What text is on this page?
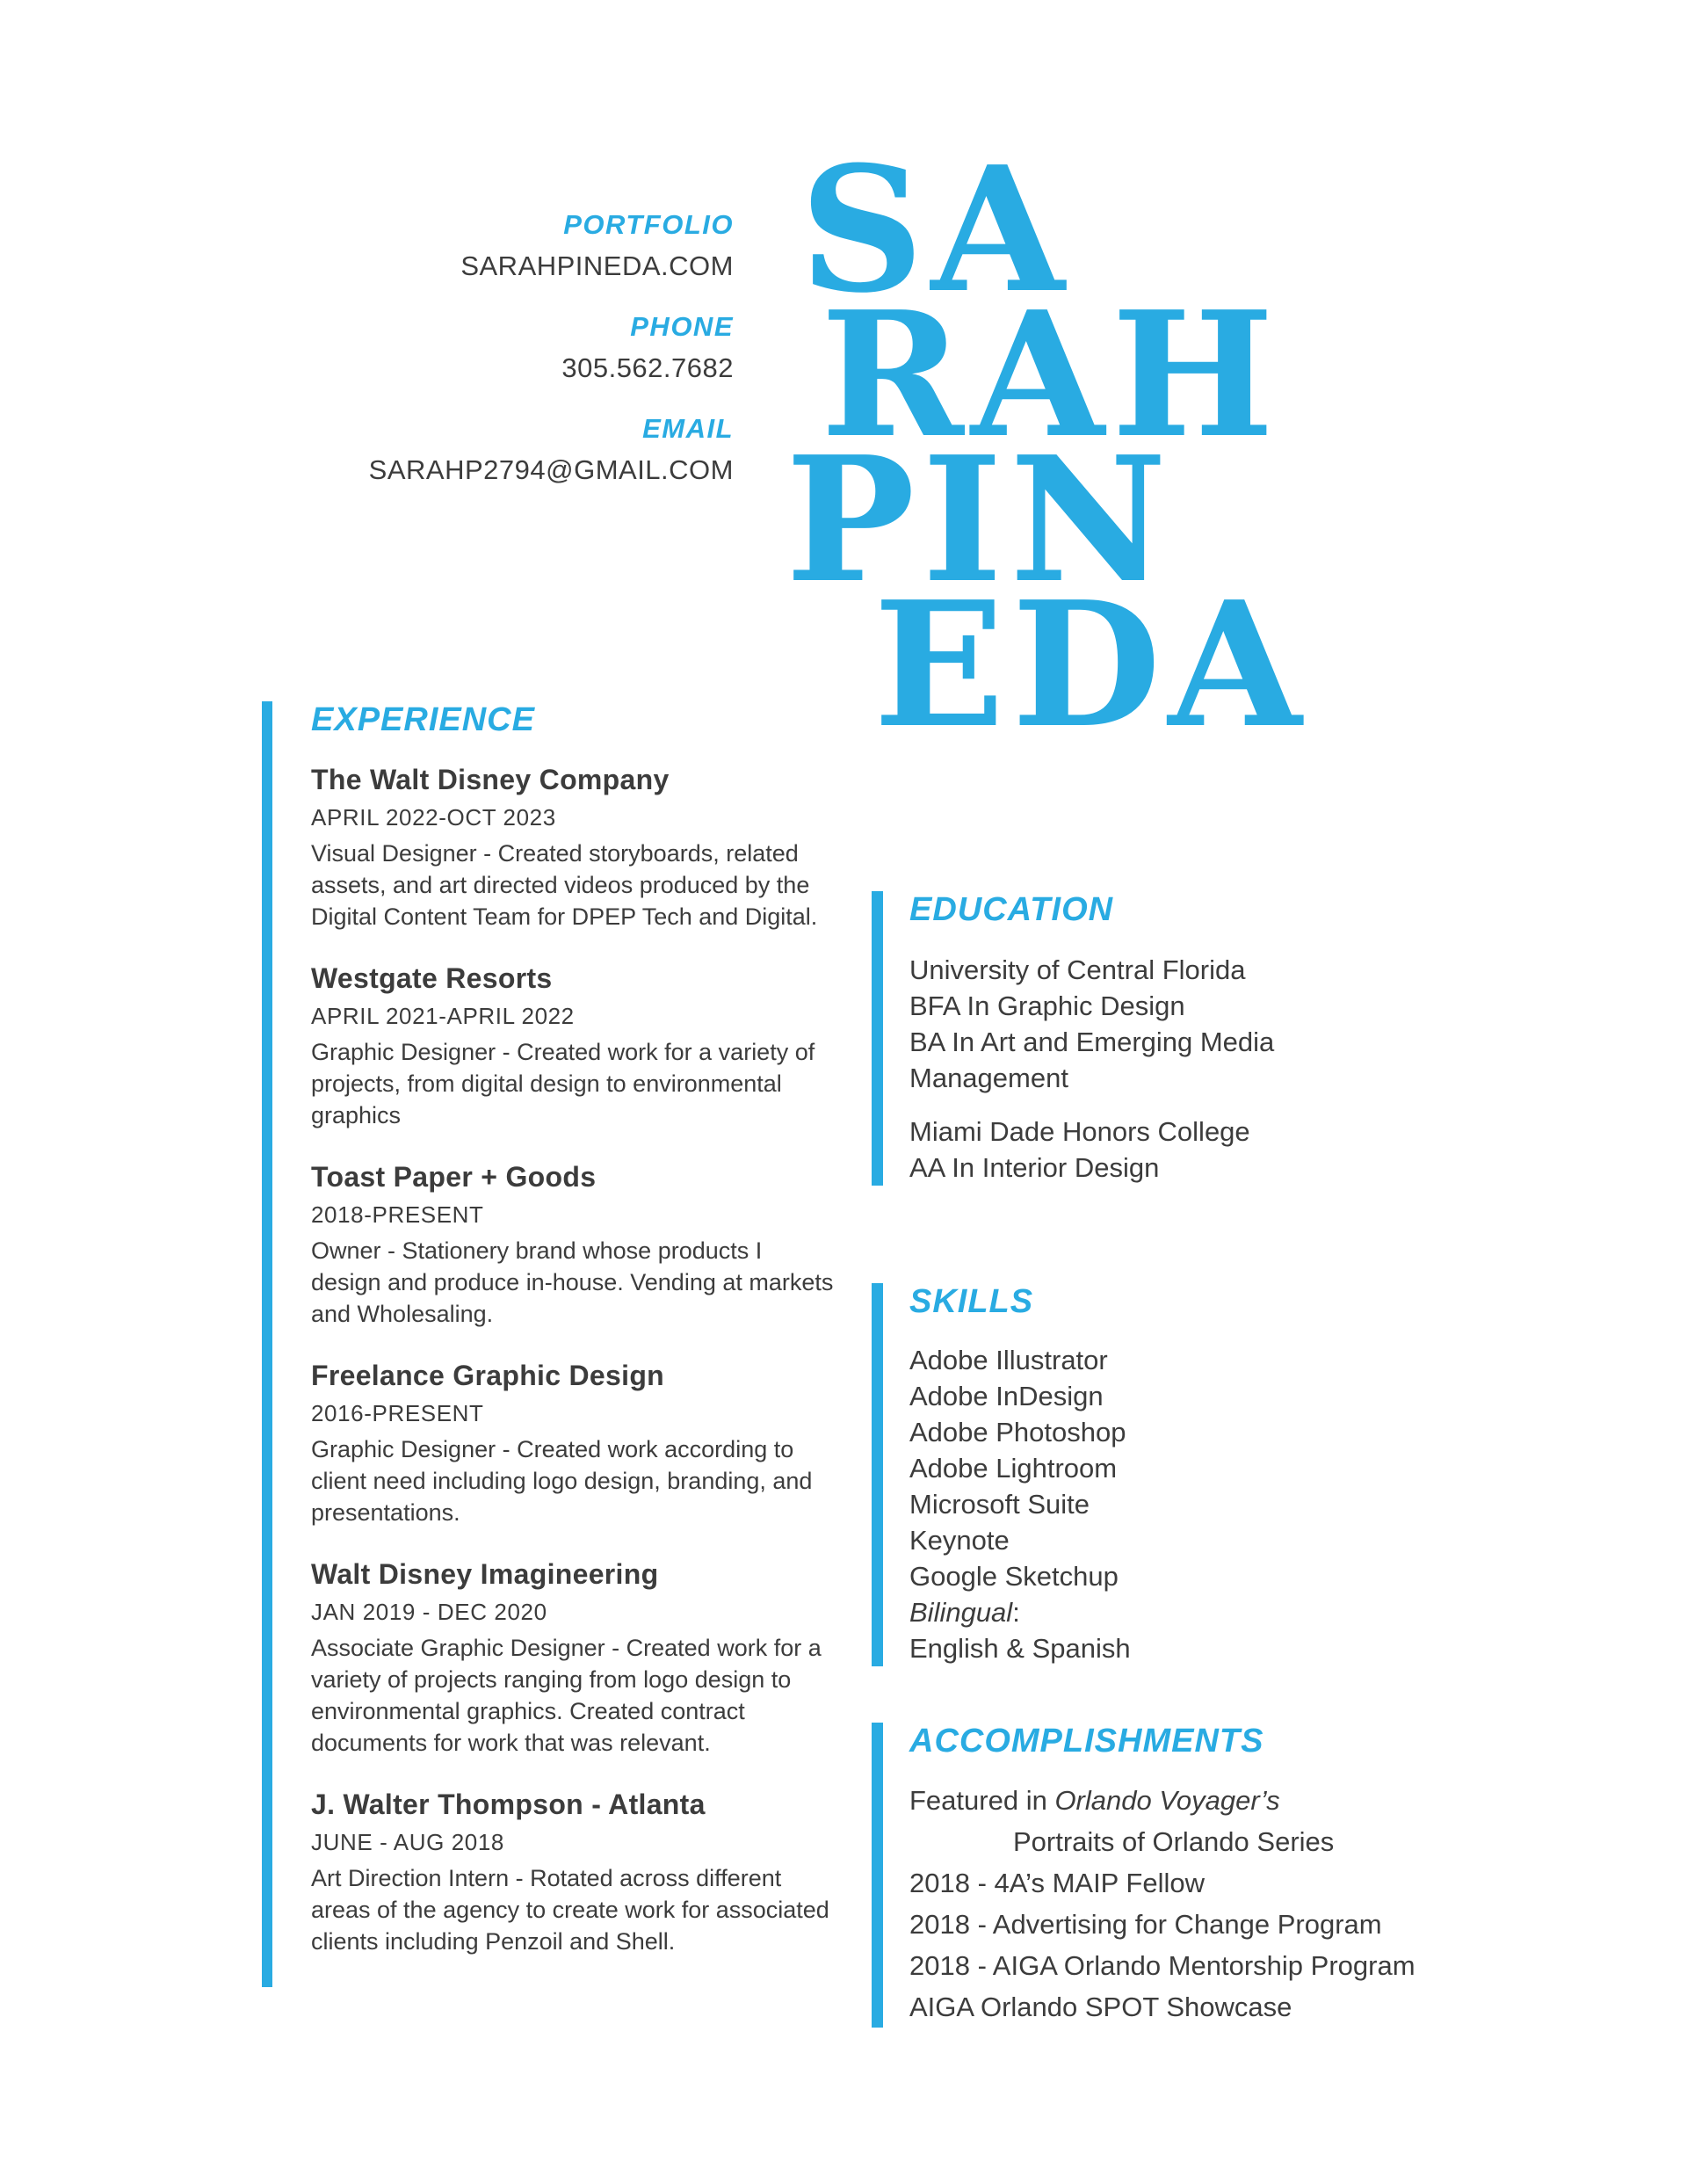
PORTFOLIO
SARAHPINEDA.COM
PHONE
305.562.7682
EMAIL
SARAHP2794@GMAIL.COM
SA
RAH
PIN
EDA
EXPERIENCE
The Walt Disney Company
APRIL 2022-OCT 2023

Visual Designer - Created storyboards, related assets, and art directed videos produced by the Digital Content Team for DPEP Tech and Digital.

Westgate Resorts
APRIL 2021-APRIL 2022

Graphic Designer - Created work for a variety of projects, from digital design to environmental graphics

Toast Paper + Goods
2018-PRESENT

Owner - Stationery brand whose products I design and produce in-house. Vending at markets and Wholesaling.

Freelance Graphic Design
2016-PRESENT

Graphic Designer - Created work according to client need including logo design, branding, and presentations.

Walt Disney Imagineering
JAN 2019 - DEC 2020

Associate Graphic Designer - Created work for a variety of projects ranging from logo design to environmental graphics. Created contract documents for work that was relevant.

J. Walter Thompson - Atlanta
JUNE - AUG 2018

Art Direction Intern - Rotated across different areas of the agency to create work for associated clients including Penzoil and Shell.

EDUCATION
University of Central Florida
BFA In Graphic Design
BA In Art and Emerging Media Management
Miami Dade Honors College
AA In Interior Design
SKILLS
Adobe Illustrator
Adobe InDesign
Adobe Photoshop
Adobe Lightroom
Microsoft Suite
Keynote
Google Sketchup
Bilingual:
English & Spanish
ACCOMPLISHMENTS
Featured in Orlando Voyager’s
Portraits of Orlando Series
2018 - 4A’s MAIP Fellow
2018 - Advertising for Change Program
2018 - AIGA Orlando Mentorship Program
AIGA Orlando SPOT Showcase
